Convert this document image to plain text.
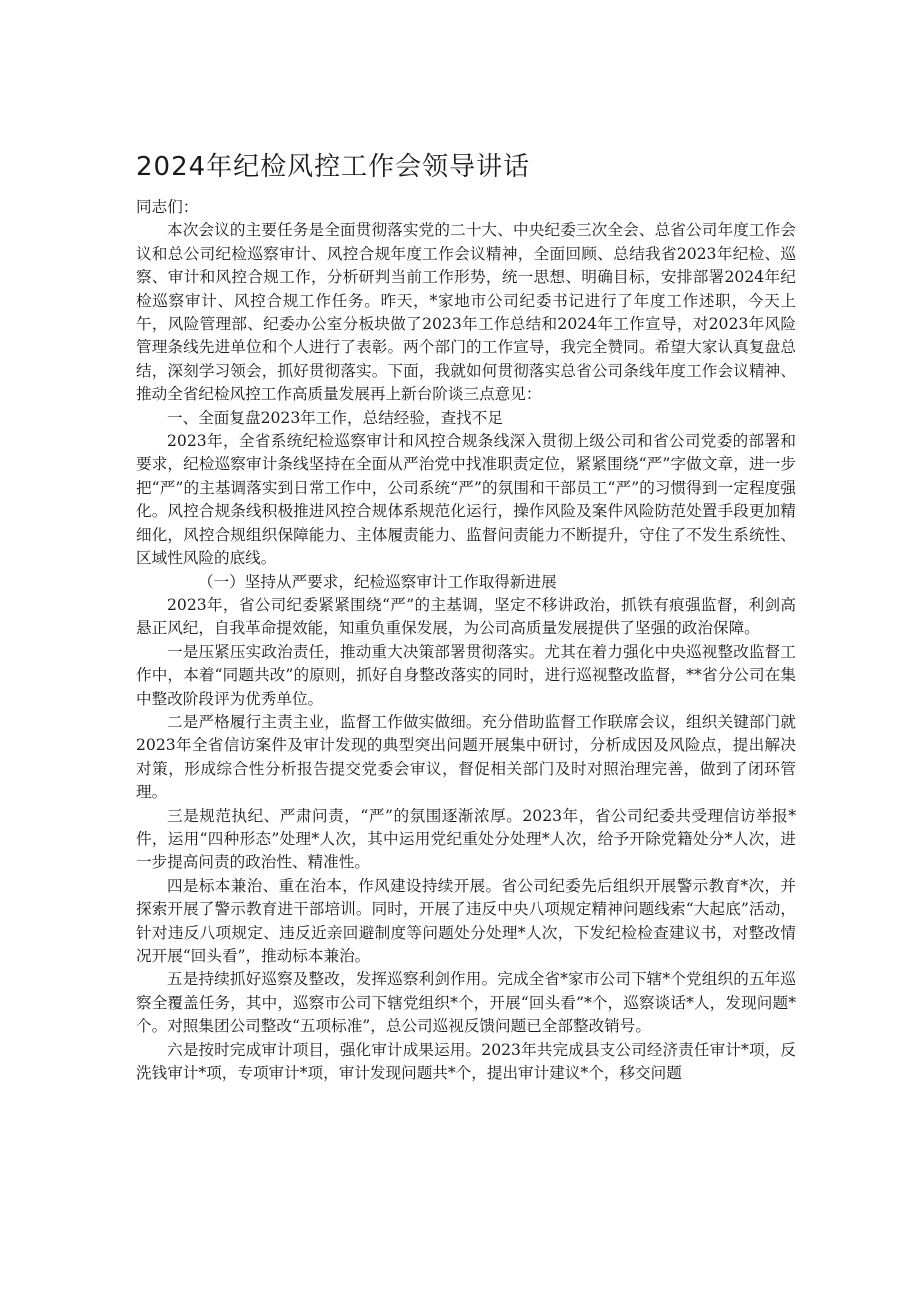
2024年纪检风控工作会领导讲话

同志们：

本次会议的主要任务是全面贯彻落实党的二十大、中央纪委三次全会、总省公司年度工作会议和总公司纪检巡察审计、风控合规年度工作会议精神，全面回顾、总结我省2023年纪检、巡察、审计和风控合规工作，分析研判当前工作形势，统一思想、明确目标，安排部署2024年纪检巡察审计、风控合规工作任务。昨天，*家地市公司纪委书记进行了年度工作述职，今天上午，风险管理部、纪委办公室分板块做了2023年工作总结和2024年工作宣导，对2023年风险管理条线先进单位和个人进行了表彰。两个部门的工作宣导，我完全赞同。希望大家认真复盘总结，深刻学习领会，抓好贯彻落实。下面，我就如何贯彻落实总省公司条线年度工作会议精神、推动全省纪检风控工作高质量发展再上新台阶谈三点意见：

一、全面复盘2023年工作，总结经验，查找不足

2023年，全省系统纪检巡察审计和风控合规条线深入贯彻上级公司和省公司党委的部署和要求，纪检巡察审计条线坚持在全面从严治党中找准职责定位，紧紧围绕“严”字做文章，进一步把“严”的主基调落实到日常工作中，公司系统“严”的氛围和干部员工“严”的习惯得到一定程度强化。风控合规条线积极推进风控合规体系规范化运行，操作风险及案件风险防范处置手段更加精细化，风控合规组织保障能力、主体履责能力、监督问责能力不断提升，守住了不发生系统性、区域性风险的底线。

（一）坚持从严要求，纪检巡察审计工作取得新进展

2023年，省公司纪委紧紧围绕“严”的主基调，坚定不移讲政治，抓铁有痕强监督，利剑高悬正风纪，自我革命提效能，知重负重保发展，为公司高质量发展提供了坚强的政治保障。

一是压紧压实政治责任，推动重大决策部署贯彻落实。尤其在着力强化中央巡视整改监督工作中，本着“同题共改”的原则，抓好自身整改落实的同时，进行巡视整改监督，**省分公司在集中整改阶段评为优秀单位。

二是严格履行主责主业，监督工作做实做细。充分借助监督工作联席会议，组织关键部门就2023年全省信访案件及审计发现的典型突出问题开展集中研讨，分析成因及风险点，提出解决对策，形成综合性分析报告提交党委会审议，督促相关部门及时对照治理完善，做到了闭环管理。

三是规范执纪、严肃问责，“严”的氛围逐渐浓厚。2023年，省公司纪委共受理信访举报*件，运用“四种形态”处理*人次，其中运用党纪重处分处理*人次，给予开除党籍处分*人次，进一步提高问责的政治性、精准性。

四是标本兼治、重在治本，作风建设持续开展。省公司纪委先后组织开展警示教育*次，并探索开展了警示教育进干部培训。同时，开展了违反中央八项规定精神问题线索“大起底”活动，针对违反八项规定、违反近亲回避制度等问题处分处理*人次，下发纪检检查建议书，对整改情况开展“回头看”，推动标本兼治。

五是持续抓好巡察及整改，发挥巡察利剑作用。完成全省*家市公司下辖*个党组织的五年巡察全覆盖任务，其中，巡察市公司下辖党组织*个，开展“回头看”*个，巡察谈话*人，发现问题*个。对照集团公司整改“五项标准”，总公司巡视反馈问题已全部整改销号。

六是按时完成审计项目，强化审计成果运用。2023年共完成县支公司经济责任审计*项，反洗钱审计*项，专项审计*项，审计发现问题共*个，提出审计建议*个，移交问题
